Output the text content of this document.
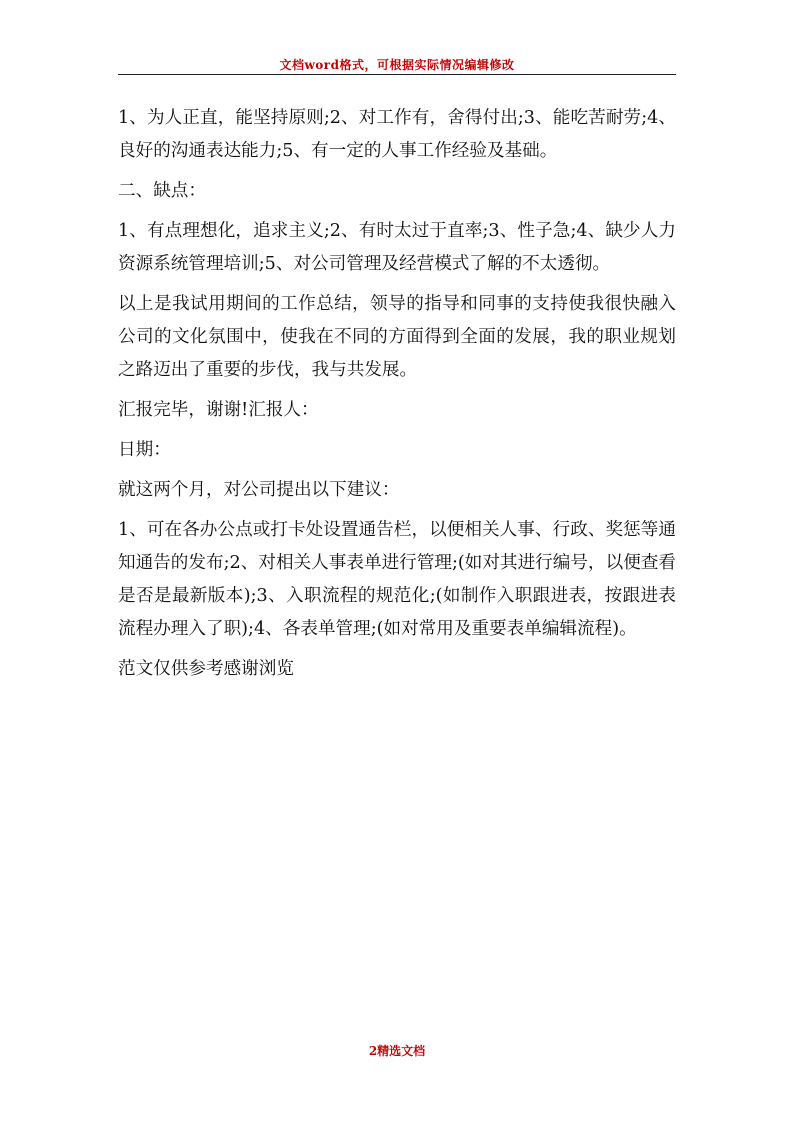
文档word格式，可根据实际情况编辑修改

1、为人正直，能坚持原则;2、对工作有，舍得付出;3、能吃苦耐劳;4、良好的沟通表达能力;5、有一定的人事工作经验及基础。

二、缺点：

1、有点理想化，追求主义;2、有时太过于直率;3、性子急;4、缺少人力资源系统管理培训;5、对公司管理及经营模式了解的不太透彻。

以上是我试用期间的工作总结，领导的指导和同事的支持使我很快融入公司的文化氛围中，使我在不同的方面得到全面的发展，我的职业规划之路迈出了重要的步伐，我与共发展。

汇报完毕，谢谢!汇报人：

日期：

就这两个月，对公司提出以下建议：

1、可在各办公点或打卡处设置通告栏，以便相关人事、行政、奖惩等通知通告的发布;2、对相关人事表单进行管理;(如对其进行编号，以便查看是否是最新版本);3、入职流程的规范化;(如制作入职跟进表，按跟进表流程办理入了职);4、各表单管理;(如对常用及重要表单编辑流程)。

范文仅供参考感谢浏览

2精选文档
